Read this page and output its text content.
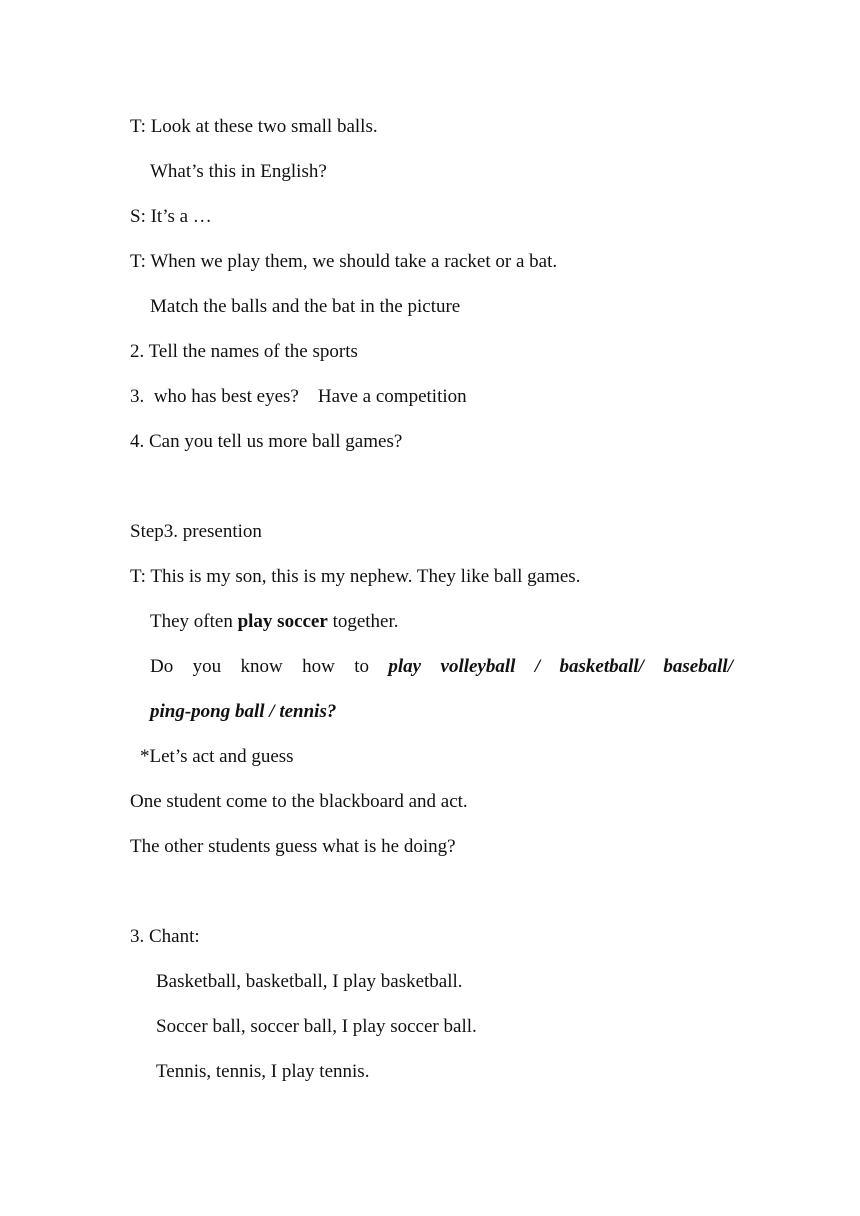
T: Look at these two small balls.
What’s this in English?
S: It’s a …
T: When we play them, we should take a racket or a bat.
Match the balls and the bat in the picture
2. Tell the names of the sports
3.  who has best eyes?    Have a competition
4. Can you tell us more ball games?
Step3. presention
T: This is my son, this is my nephew. They like ball games.
They often play soccer together.
Do you know how to play volleyball / basketball/ baseball/
ping-pong ball / tennis?
*Let’s act and guess
One student come to the blackboard and act.
The other students guess what is he doing?
3. Chant:
Basketball, basketball, I play basketball.
Soccer ball, soccer ball, I play soccer ball.
Tennis, tennis, I play tennis.
